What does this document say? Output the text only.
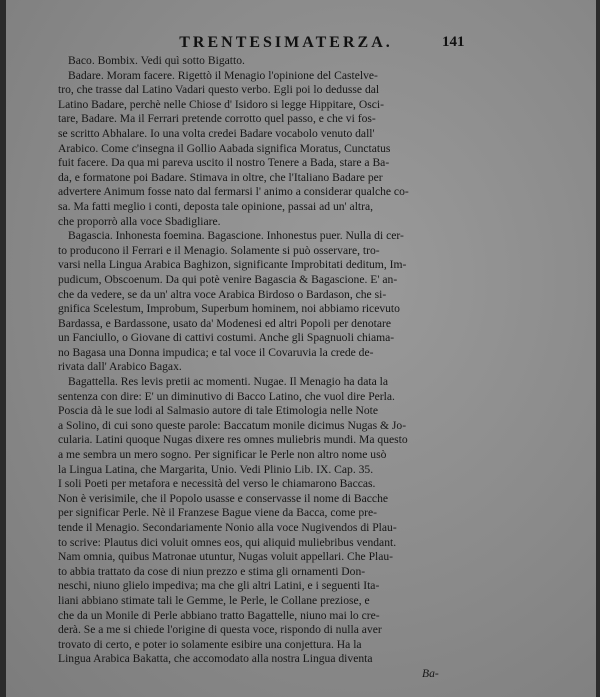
TRENTESIMATERZA.	141
Baco. Bombix. Vedi quì sotto Bigatto.
Badare. Moram facere. Rigettò il Menagio l'opinione del Castelve-
tro, che trasse dal Latino Vadari questo verbo. Egli poi lo dedusse dal
Latino Badare, perchè nelle Chiose d' Isidoro si legge Hippitare, Osci-
tare, Badare. Ma il Ferrari pretende corrotto quel passo, e che vi fos-
se scritto Abhalare. Io una volta credei Badare vocabolo venuto dall'
Arabico. Come c'insegna il Gollio Aabada significa Moratus, Cunctatus
fuit facere. Da qua mi pareva uscito il nostro Tenere a Bada, stare a Ba-
da, e formatone poi Badare. Stimava in oltre, che l'Italiano Badare per
advertere Animum fosse nato dal fermarsi l' animo a considerar qualche co-
sa. Ma fatti meglio i conti, deposta tale opinione, passai ad un' altra,
che proporrò alla voce Sbadigliare.
Bagascia. Inhonesta foemina. Bagascione. Inhonestus puer. Nulla di cer-
to producono il Ferrari e il Menagio. Solamente si può osservare, tro-
varsi nella Lingua Arabica Baghizon, significante Improbitati deditum, Im-
pudicum, Obscoenum. Da qui potè venire Bagascia & Bagascione. E' an-
che da vedere, se da un' altra voce Arabica Birdoso o Bardason, che si-
gnifica Scelestum, Improbum, Superbum hominem, noi abbiamo ricevuto
Bardassa, e Bardassone, usato da' Modenesi ed altri Popoli per denotare
un Fanciullo, o Giovane di cattivi costumi. Anche gli Spagnuoli chiama-
no Bagasa una Donna impudica; e tal voce il Covaruvia la crede de-
rivata dall' Arabico Bagax.
Bagattella. Res levis pretii ac momenti. Nugae. Il Menagio ha data la
sentenza con dire: E' un diminutivo di Bacco Latino, che vuol dire Perla.
Poscia dà le sue lodi al Salmasio autore di tale Etimologia nelle Note
a Solino, di cui sono queste parole: Baccatum monile dicimus Nugas & Jo-
cularia. Latini quoque Nugas dixere res omnes muliebris mundi. Ma questo
a me sembra un mero sogno. Per significar le Perle non altro nome usò
la Lingua Latina, che Margarita, Unio. Vedi Plinio Lib. IX. Cap. 35.
I soli Poeti per metafora e necessità del verso le chiamarono Baccas.
Non è verisimile, che il Popolo usasse e conservasse il nome di Bacche
per significar Perle. Nè il Franzese Bague viene da Bacca, come pre-
tende il Menagio. Secondariamente Nonio alla voce Nugivendos di Plau-
to scrive: Plautus dici voluit omnes eos, qui aliquid muliebribus vendant.
Nam omnia, quibus Matronae utuntur, Nugas voluit appellari. Che Plau-
to abbia trattato da cose di niun prezzo e stima gli ornamenti Don-
neschi, niuno glielo impediva; ma che gli altri Latini, e i seguenti Ita-
liani abbiano stimate tali le Gemme, le Perle, le Collane preziose, e
che da un Monile di Perle abbiano tratto Bagattelle, niuno mai lo cre-
derà. Se a me si chiede l'origine di questa voce, rispondo di nulla aver
trovato di certo, e poter io solamente esibire una conjettura. Ha la
Lingua Arabica Bakatta, che accomodato alla nostra Lingua diventa
Ba-
